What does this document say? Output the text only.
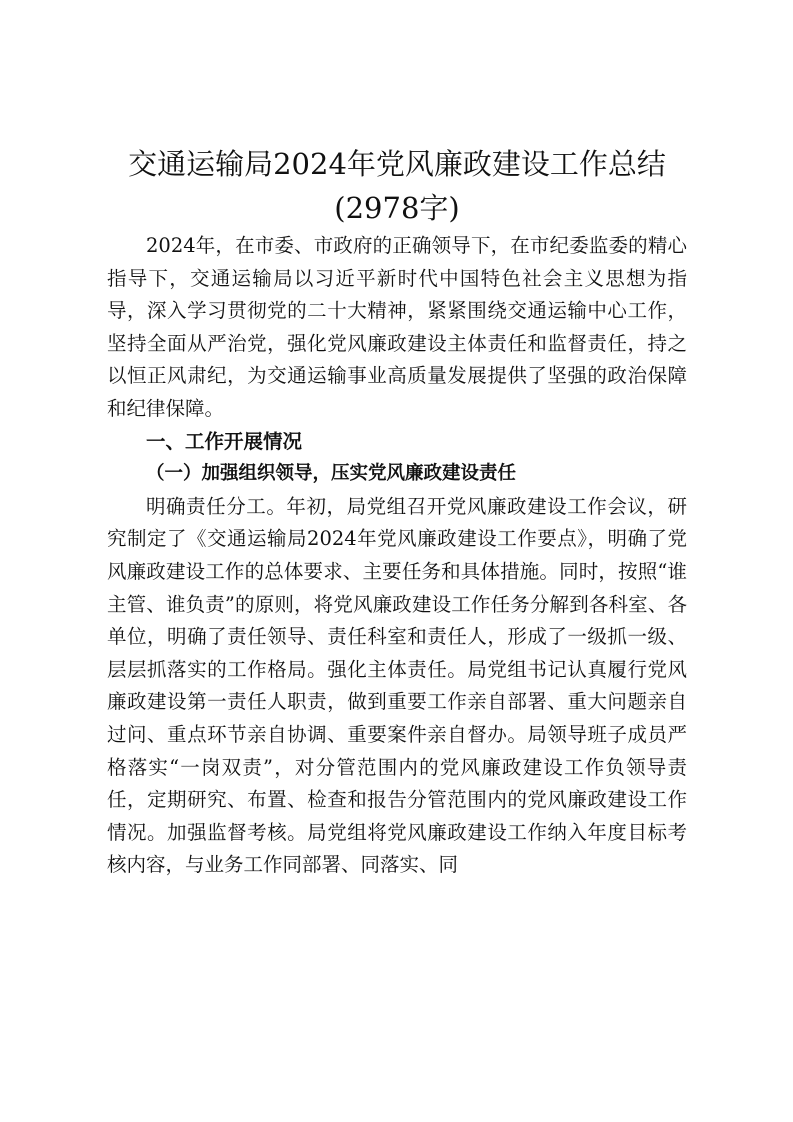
交通运输局2024年党风廉政建设工作总结
(2978字)

2024年，在市委、市政府的正确领导下，在市纪委监委的精心指导下，交通运输局以习近平新时代中国特色社会主义思想为指导，深入学习贯彻党的二十大精神，紧紧围绕交通运输中心工作，坚持全面从严治党，强化党风廉政建设主体责任和监督责任，持之以恒正风肃纪，为交通运输事业高质量发展提供了坚强的政治保障和纪律保障。

一、工作开展情况

（一）加强组织领导，压实党风廉政建设责任

明确责任分工。年初，局党组召开党风廉政建设工作会议，研究制定了《交通运输局2024年党风廉政建设工作要点》，明确了党风廉政建设工作的总体要求、主要任务和具体措施。同时，按照“谁主管、谁负责”的原则，将党风廉政建设工作任务分解到各科室、各单位，明确了责任领导、责任科室和责任人，形成了一级抓一级、层层抓落实的工作格局。强化主体责任。局党组书记认真履行党风廉政建设第一责任人职责，做到重要工作亲自部署、重大问题亲自过问、重点环节亲自协调、重要案件亲自督办。局领导班子成员严格落实“一岗双责”，对分管范围内的党风廉政建设工作负领导责任，定期研究、布置、检查和报告分管范围内的党风廉政建设工作情况。加强监督考核。局党组将党风廉政建设工作纳入年度目标考核内容，与业务工作同部署、同落实、同
